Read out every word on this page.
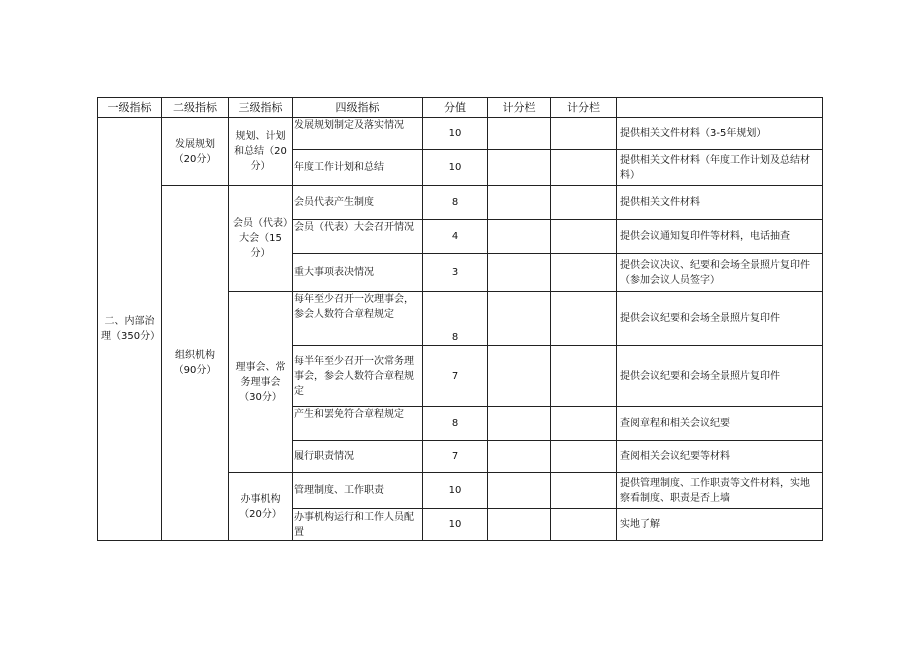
一级指标	二级指标	三级指标	四级指标	分值	计分栏	计分栏	
二、内部治理（350分）	发展规划（20分）	规划、计划和总结（20分）	发展规划制定及落实情况	10			提供相关文件材料（3-5年规划）
			年度工作计划和总结	10			提供相关文件材料（年度工作计划及总结材料）
	组织机构（90分）	会员（代表）大会（15分）	会员代表产生制度	8			提供相关文件材料
			会员（代表）大会召开情况	4			提供会议通知复印件等材料，电话抽查
			重大事项表决情况	3			提供会议决议、纪要和会场全景照片复印件（参加会议人员签字）
		理事会、常务理事会（30分）	每年至少召开一次理事会，参会人数符合章程规定	8			提供会议纪要和会场全景照片复印件
			每半年至少召开一次常务理事会，参会人数符合章程规定	7			提供会议纪要和会场全景照片复印件
			产生和罢免符合章程规定	8			查阅章程和相关会议纪要
			履行职责情况	7			查阅相关会议纪要等材料
		办事机构（20分）	管理制度、工作职责	10			提供管理制度、工作职责等文件材料，实地察看制度、职责是否上墙
			办事机构运行和工作人员配置	10			实地了解
